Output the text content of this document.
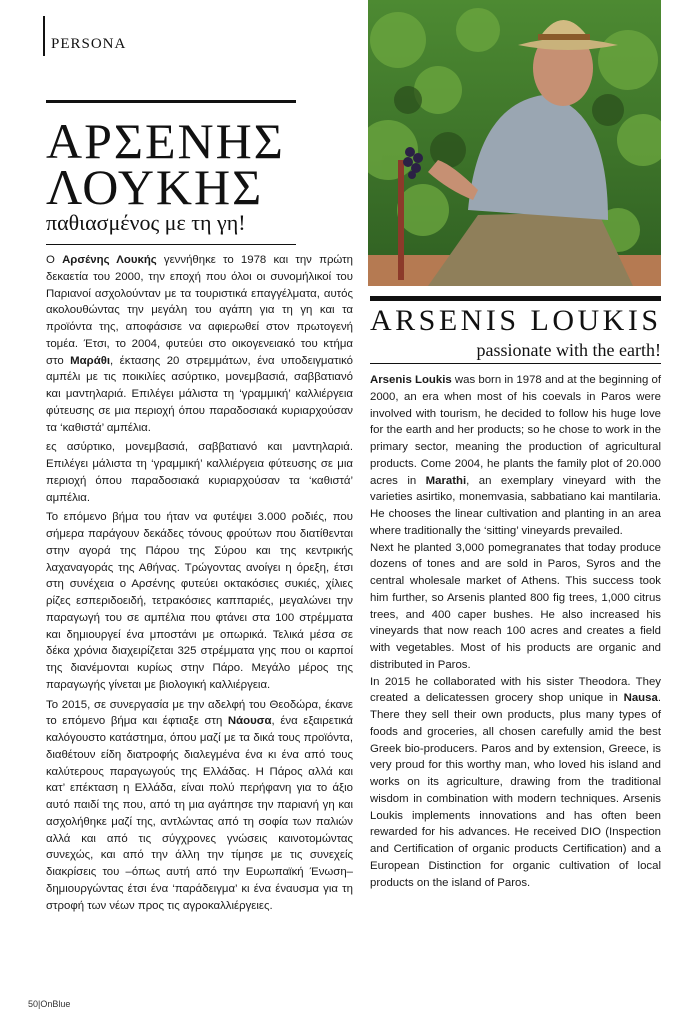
PERSONA
ΑΡΣΕΝΗΣ
ΛΟΥΚΗΣ
παθιασμένος με τη γη!

Ο Αρσένης Λουκής γεννήθηκε το 1978 και την πρώτη δεκαετία του 2000, την εποχή που όλοι οι συνομήλικοί του Παριανοί ασχολούνταν με τα τουριστικά επαγγέλματα, αυτός ακολουθώντας την μεγάλη του αγάπη για τη γη και τα προϊόντα της, αποφάσισε να αφιερωθεί στον πρωτογενή τομέα. Έτσι, το 2004, φυτεύει στο οικογενειακό του κτήμα στο Μαράθι, έκτασης 20 στρεμμάτων, ένα υποδειγματικό αμπέλι με τις ποικιλίες ασύρτικο, μονεμβασιά, σαββατιανό και μαντηλαριά. Επιλέγει μάλιστα τη ‘γραμμική’ καλλιέργεια φύτευσης σε μια περιοχή όπου παραδοσιακά κυριαρχούσαν τα ‘καθιστά’ αμπέλια.

ες ασύρτικο, μονεμβασιά, σαββατιανό και μαντηλαριά. Επιλέγει μάλιστα τη ‘γραμμική’ καλλιέργεια φύτευσης σε μια περιοχή όπου παραδοσιακά κυριαρχούσαν τα ‘καθιστά’ αμπέλια.

Το επόμενο βήμα του ήταν να φυτέψει 3.000 ροδιές, που σήμερα παράγουν δεκάδες τόνους φρούτων που διατίθενται στην αγορά της Πάρου της Σύρου και της κεντρικής λαχαναγοράς της Αθήνας. Τρώγοντας ανοίγει η όρεξη, έτσι στη συνέχεια ο Αρσένης φυτεύει οκτακόσιες συκιές, χίλιες ρίζες εσπεριδοειδή, τετρακόσιες καππαριές, μεγαλώνει την παραγωγή του σε αμπέλια που φτάνει στα 100 στρέμματα και δημιουργεί ένα μποστάνι με οπωρικά. Τελικά μέσα σε δέκα χρόνια διαχειρίζεται 325 στρέμματα γης που οι καρποί της διανέμονται κυρίως στην Πάρο. Μεγάλο μέρος της παραγωγής γίνεται με βιολογική καλλιέργεια.

Το 2015, σε συνεργασία με την αδελφή του Θεοδώρα, έκανε το επόμενο βήμα και έφτιαξε στη Νάουσα, ένα εξαιρετικά καλόγουστο κατάστημα, όπου μαζί με τα δικά τους προϊόντα, διαθέτουν είδη διατροφής διαλεγμένα ένα κι ένα από τους καλύτερους παραγωγούς της Ελλάδας. Η Πάρος αλλά και κατ’ επέκταση η Ελλάδα, είναι πολύ περήφανη για το άξιο αυτό παιδί της που, από τη μια αγάπησε την παριανή γη και ασχολήθηκε μαζί της, αντλώντας από τη σοφία των παλιών αλλά και από τις σύγχρονες γνώσεις καινοτομώντας συνεχώς, και από την άλλη την τίμησε με τις συνεχείς διακρίσεις του –όπως αυτή από την Ευρωπαϊκή Ένωση– δημιουργώντας έτσι ένα ‘παράδειγμα’ κι ένα έναυσμα για τη στροφή των νέων προς τις αγροκαλλιέργειες.

ARSENIS LOUKIS
passionate with the earth!

Arsenis Loukis was born in 1978 and at the beginning of 2000, an era when most of his coevals in Paros were involved with tourism, he decided to follow his huge love for the earth and her products; so he chose to work in the primary sector, meaning the production of agricultural products. Come 2004, he plants the family plot of 20.000 acres in Marathi, an exemplary vineyard with the varieties asirtiko, monemvasia, sabbatiano kai mantilaria. He chooses the linear cultivation and planting in an area where traditionally the ‘sitting’ vineyards prevailed.

Next he planted 3,000 pomegranates that today produce dozens of tones and are sold in Paros, Syros and the central wholesale market of Athens. This success took him further, so Arsenis planted 800 fig trees, 1,000 citrus trees, and 400 caper bushes. He also increased his vineyards that now reach 100 acres and creates a field with vegetables. Most of his products are organic and distributed in Paros.

In 2015 he collaborated with his sister Theodora. They created a delicatessen grocery shop unique in Nausa. There they sell their own products, plus many types of foods and groceries, all chosen carefully amid the best Greek bio-producers. Paros and by extension, Greece, is very proud for this worthy man, who loved his island and works on its agriculture, drawing from the traditional wisdom in combination with modern techniques. Arsenis Loukis implements innovations and has often been rewarded for his advances. He received DIO (Inspection and Certification of organic products Certification) and a European Distinction for organic cultivation of local products on the island of Paros.

50|OnBlue
